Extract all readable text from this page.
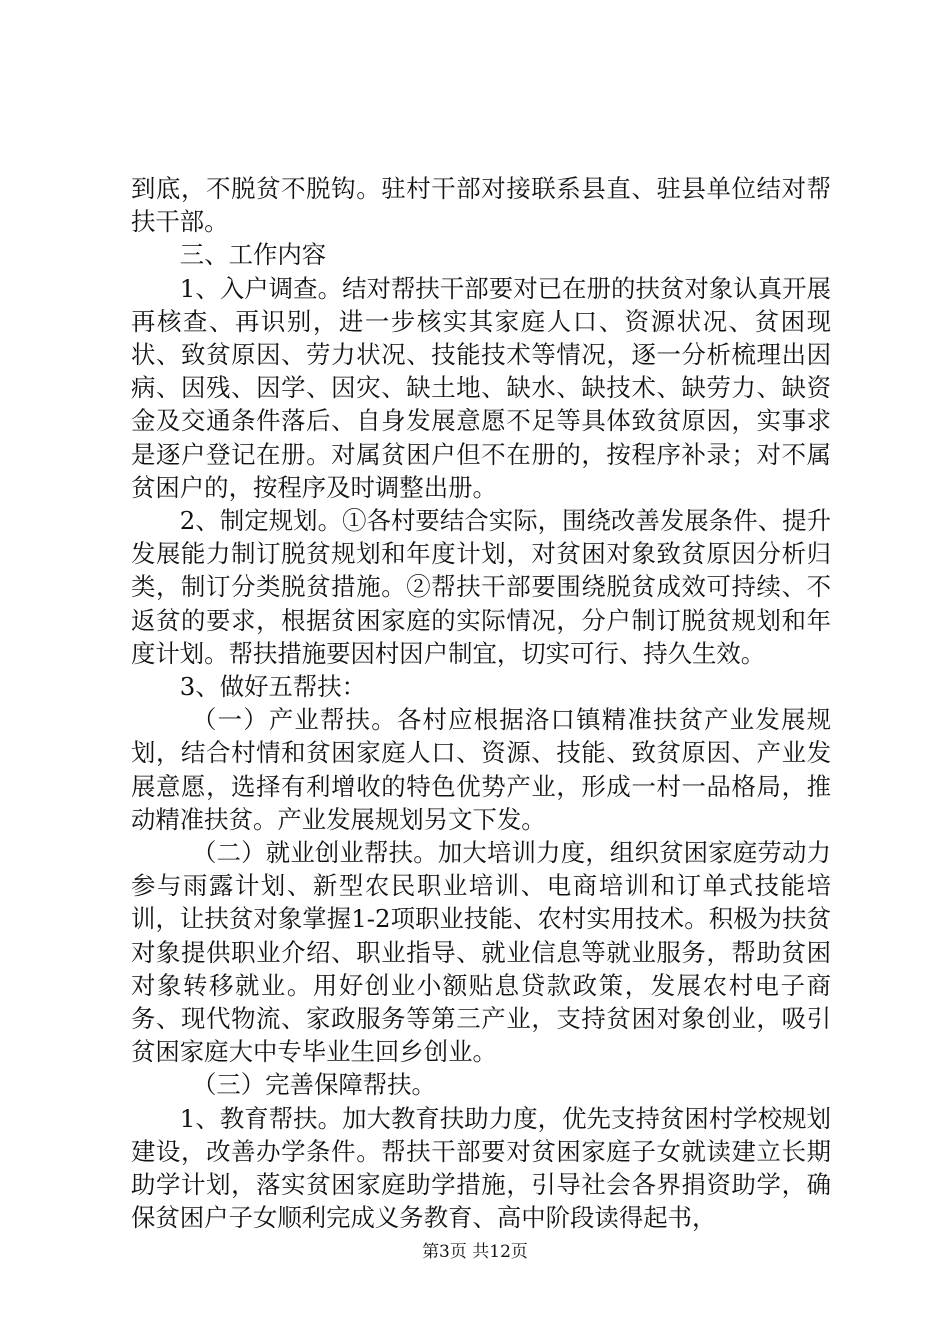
到底，不脱贫不脱钩。驻村干部对接联系县直、驻县单位结对帮扶干部。

三、工作内容

1、入户调查。结对帮扶干部要对已在册的扶贫对象认真开展再核查、再识别，进一步核实其家庭人口、资源状况、贫困现状、致贫原因、劳力状况、技能技术等情况，逐一分析梳理出因病、因残、因学、因灾、缺土地、缺水、缺技术、缺劳力、缺资金及交通条件落后、自身发展意愿不足等具体致贫原因，实事求是逐户登记在册。对属贫困户但不在册的，按程序补录；对不属贫困户的，按程序及时调整出册。

2、制定规划。①各村要结合实际，围绕改善发展条件、提升发展能力制订脱贫规划和年度计划，对贫困对象致贫原因分析归类，制订分类脱贫措施。②帮扶干部要围绕脱贫成效可持续、不返贫的要求，根据贫困家庭的实际情况，分户制订脱贫规划和年度计划。帮扶措施要因村因户制宜，切实可行、持久生效。

3、做好五帮扶：

（一）产业帮扶。各村应根据洛口镇精准扶贫产业发展规划，结合村情和贫困家庭人口、资源、技能、致贫原因、产业发展意愿，选择有利增收的特色优势产业，形成一村一品格局，推动精准扶贫。产业发展规划另文下发。

（二）就业创业帮扶。加大培训力度，组织贫困家庭劳动力参与雨露计划、新型农民职业培训、电商培训和订单式技能培训，让扶贫对象掌握1-2项职业技能、农村实用技术。积极为扶贫对象提供职业介绍、职业指导、就业信息等就业服务，帮助贫困对象转移就业。用好创业小额贴息贷款政策，发展农村电子商务、现代物流、家政服务等第三产业，支持贫困对象创业，吸引贫困家庭大中专毕业生回乡创业。

（三）完善保障帮扶。

1、教育帮扶。加大教育扶助力度，优先支持贫困村学校规划建设，改善办学条件。帮扶干部要对贫困家庭子女就读建立长期助学计划，落实贫困家庭助学措施，引导社会各界捐资助学，确保贫困户子女顺利完成义务教育、高中阶段读得起书，

第3页 共12页
